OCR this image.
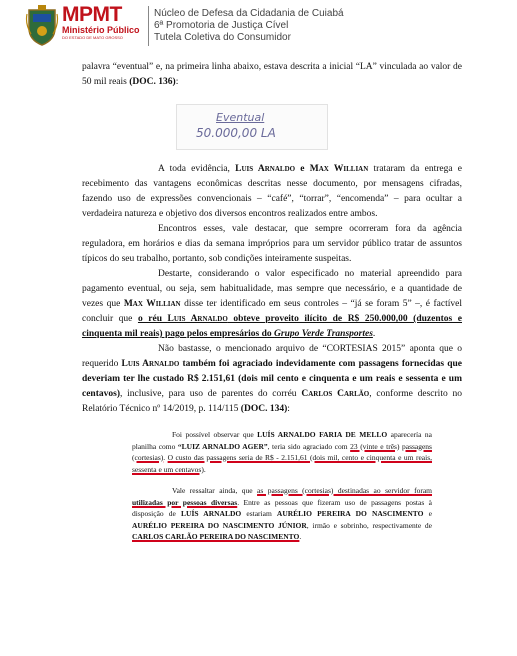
MPMT
Ministério Público
DO ESTADO DE MATO GROSSO
Núcleo de Defesa da Cidadania de Cuiabá
6ª Promotoria de Justiça Cível
Tutela Coletiva do Consumidor

palavra “eventual” e, na primeira linha abaixo, estava descrita a inicial “LA” vinculada ao valor de 50 mil reais (DOC. 136):

Eventual
50.000,00 LA

A toda evidência, Luis Arnaldo e Max Willian trataram da entrega e recebimento das vantagens econômicas descritas nesse documento, por mensagens cifradas, fazendo uso de expressões convencionais – “café”, “torrar”, “encomenda” – para ocultar a verdadeira natureza e objetivo dos diversos encontros realizados entre ambos.

Encontros esses, vale destacar, que sempre ocorreram fora da agência reguladora, em horários e dias da semana impróprios para um servidor público tratar de assuntos típicos do seu trabalho, portanto, sob condições inteiramente suspeitas.

Destarte, considerando o valor especificado no material apreendido para pagamento eventual, ou seja, sem habitualidade, mas sempre que necessário, e a quantidade de vezes que Max Willian disse ter identificado em seus controles – “já se foram 5” –, é factível concluir que o réu Luis Arnaldo obteve proveito ilícito de R$ 250.000,00 (duzentos e cinquenta mil reais) pago pelos empresários do Grupo Verde Transportes.

Não bastasse, o mencionado arquivo de “CORTESIAS 2015” aponta que o requerido Luis Arnaldo também foi agraciado indevidamente com passagens fornecidas que deveriam ter lhe custado R$ 2.151,61 (dois mil cento e cinquenta e um reais e sessenta e um centavos), inclusive, para uso de parentes do corréu Carlos Carlão, conforme descrito no Relatório Técnico nº 14/2019, p. 114/115 (DOC. 134):

Foi possível observar que LUÍS ARNALDO FARIA DE MELLO aparecería na planilha como “LUIZ ARNALDO AGER”, teria sido agraciado com 23 (vinte e três) passagens (cortesias). O custo das passagens seria de R$ - 2.151,61 (dois mil, cento e cinquenta e um reais, sessenta e um centavos).

Vale ressaltar ainda, que as passagens (cortesias) destinadas ao servidor foram utilizadas por pessoas diversas. Entre as pessoas que fizeram uso de passagens postas à disposição de LUÍS ARNALDO estariam AURÉLIO PEREIRA DO NASCIMENTO e AURÉLIO PEREIRA DO NASCIMENTO JÚNIOR, irmão e sobrinho, respectivamente de CARLOS CARLÃO PEREIRA DO NASCIMENTO.
